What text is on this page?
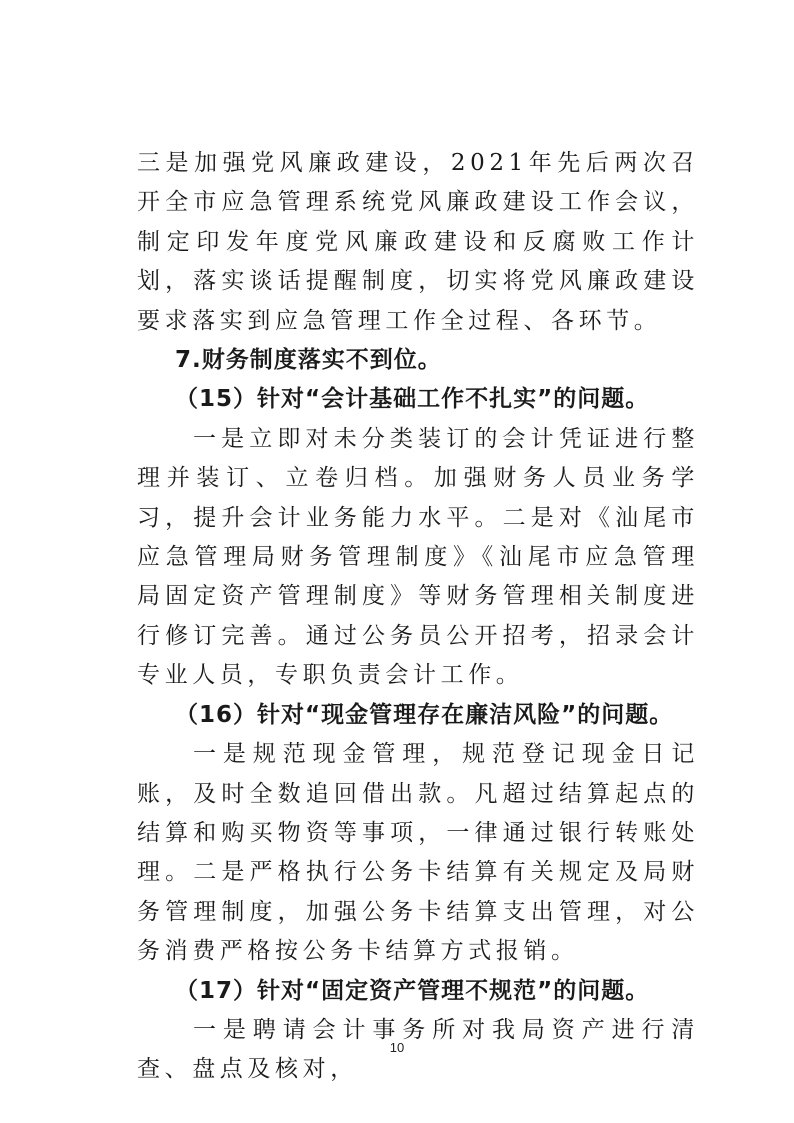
三是加强党风廉政建设，2021年先后两次召开全市应急管理系统党风廉政建设工作会议，制定印发年度党风廉政建设和反腐败工作计划，落实谈话提醒制度，切实将党风廉政建设要求落实到应急管理工作全过程、各环节。

7.财务制度落实不到位。

（15）针对“会计基础工作不扎实”的问题。

一是立即对未分类装订的会计凭证进行整理并装订、立卷归档。加强财务人员业务学习，提升会计业务能力水平。二是对《汕尾市应急管理局财务管理制度》《汕尾市应急管理局固定资产管理制度》等财务管理相关制度进行修订完善。通过公务员公开招考，招录会计专业人员，专职负责会计工作。

（16）针对“现金管理存在廉洁风险”的问题。

一是规范现金管理，规范登记现金日记账，及时全数追回借出款。凡超过结算起点的结算和购买物资等事项，一律通过银行转账处理。二是严格执行公务卡结算有关规定及局财务管理制度，加强公务卡结算支出管理，对公务消费严格按公务卡结算方式报销。

（17）针对“固定资产管理不规范”的问题。

一是聘请会计事务所对我局资产进行清查、盘点及核对，

10
